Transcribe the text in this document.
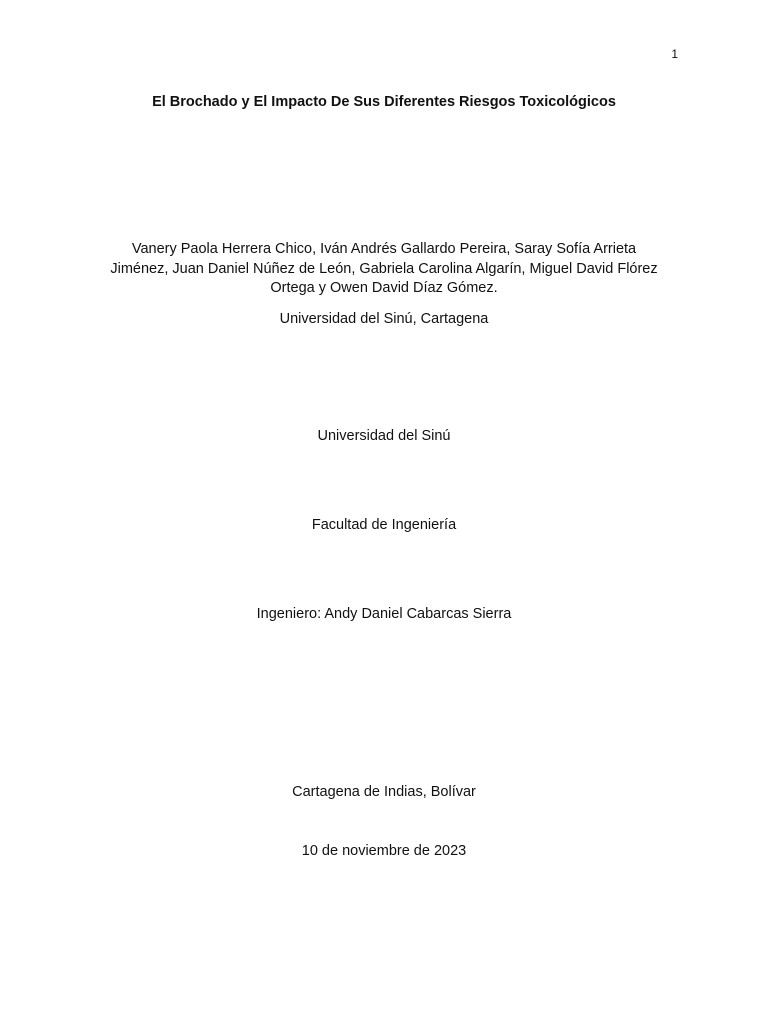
1
El Brochado y El Impacto De Sus Diferentes Riesgos Toxicológicos
Vanery Paola Herrera Chico, Iván Andrés Gallardo Pereira, Saray Sofía Arrieta
Jiménez, Juan Daniel Núñez de León, Gabriela Carolina Algarín, Miguel David Flórez
Ortega y Owen David Díaz Gómez.
Universidad del Sinú, Cartagena
Universidad del Sinú
Facultad de Ingeniería
Ingeniero: Andy Daniel Cabarcas Sierra
Cartagena de Indias, Bolívar
10 de noviembre de 2023
